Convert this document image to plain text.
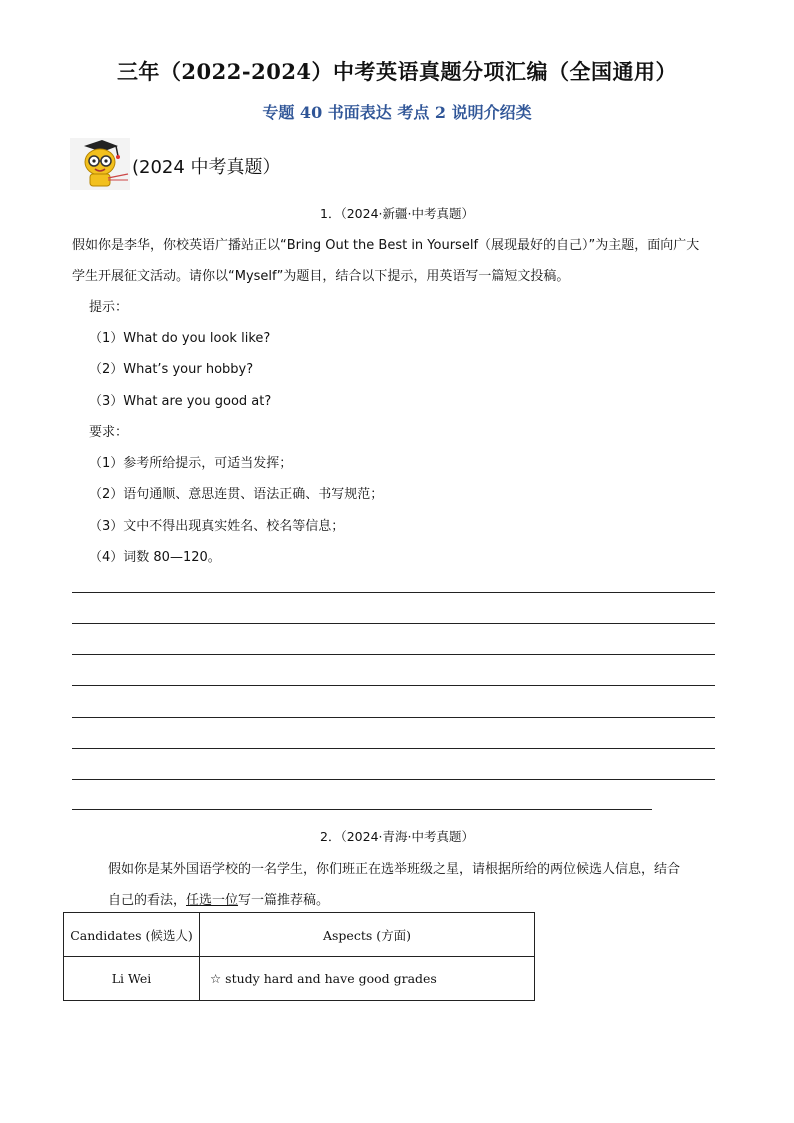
三年（2022-2024）中考英语真题分项汇编（全国通用）
专题 40 书面表达 考点 2 说明介绍类
(2024 中考真题）
1．（2024·新疆·中考真题）
假如你是李华，你校英语广播站正以“Bring Out the Best in Yourself（展现最好的自己）”为主题，面向广大
学生开展征文活动。请你以“Myself”为题目，结合以下提示，用英语写一篇短文投稿。
提示：
（1）What do you look like?
（2）What’s your hobby?
（3）What are you good at?
要求：
（1）参考所给提示，可适当发挥；
（2）语句通顺、意思连贯、语法正确、书写规范；
（3）文中不得出现真实姓名、校名等信息；
（4）词数 80—120。
2．（2024·青海·中考真题）
假如你是某外国语学校的一名学生，你们班正在选举班级之星，请根据所给的两位候选人信息，结合
自己的看法，任选一位写一篇推荐稿。
Candidates (候选人)	Aspects (方面)
Li Wei	☆ study hard and have good grades
